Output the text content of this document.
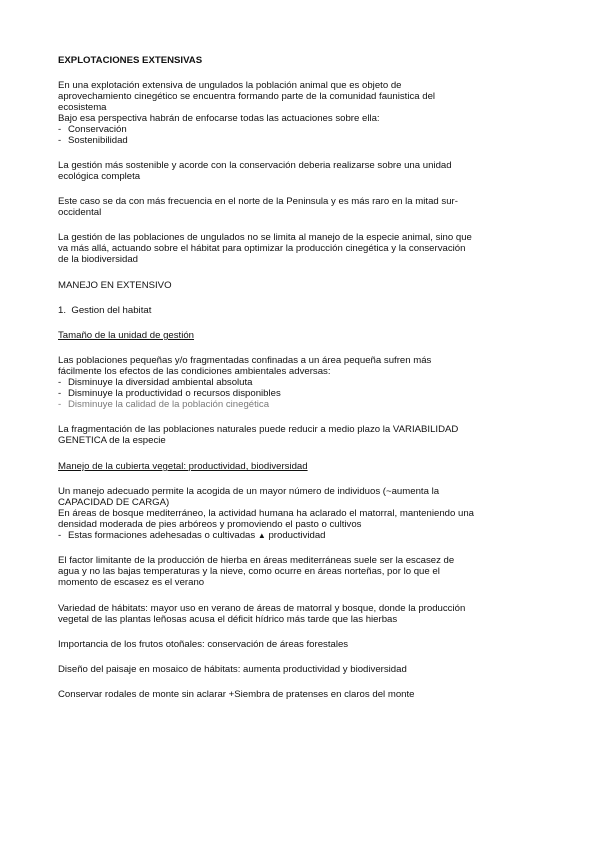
EXPLOTACIONES EXTENSIVAS
En una explotación extensiva de ungulados la población animal que es objeto de
aprovechamiento cinegético se encuentra formando parte de la comunidad faunistica del
ecosistema
Bajo esa perspectiva habrán de enfocarse todas las actuaciones sobre ella:
- Conservación
- Sostenibilidad
La gestión más sostenible y acorde con la conservación deberia realizarse sobre una unidad
ecológica completa
Este caso se da con más frecuencia en el norte de la Peninsula y es más raro en la mitad sur-
occidental
La gestión de las poblaciones de ungulados no se limita al manejo de la especie animal, sino que
va más allá, actuando sobre el hábitat para optimizar la producción cinegética y la conservación
de la biodiversidad
MANEJO EN EXTENSIVO
1. Gestion del habitat
Tamaño de la unidad de gestión
Las poblaciones pequeñas y/o fragmentadas confinadas a un área pequeña sufren más
fácilmente los efectos de las condiciones ambientales adversas:
- Disminuye la diversidad ambiental absoluta
- Disminuye la productividad o recursos disponibles
- Disminuye la calidad de la población cinegética
La fragmentación de las poblaciones naturales puede reducir a medio plazo la VARIABILIDAD
GENETICA de la especie
Manejo de la cubierta vegetal: productividad, biodiversidad
Un manejo adecuado permite la acogida de un mayor número de individuos (~aumenta la
CAPACIDAD DE CARGA)
En áreas de bosque mediterráneo, la actividad humana ha aclarado el matorral, manteniendo una
densidad moderada de pies arbóreos y promoviendo el pasto o cultivos
- Estas formaciones adehesadas o cultivadas ▲ productividad
El factor limitante de la producción de hierba en áreas mediterráneas suele ser la escasez de
agua y no las bajas temperaturas y la nieve, como ocurre en áreas norteñas, por lo que el
momento de escasez es el verano
Variedad de hábitats: mayor uso en verano de áreas de matorral y bosque, donde la producción
vegetal de las plantas leñosas acusa el déficit hídrico más tarde que las hierbas
Importancia de los frutos otoñales: conservación de áreas forestales
Diseño del paisaje en mosaico de hábitats: aumenta productividad y biodiversidad
Conservar rodales de monte sin aclarar +Siembra de pratenses en claros del monte
